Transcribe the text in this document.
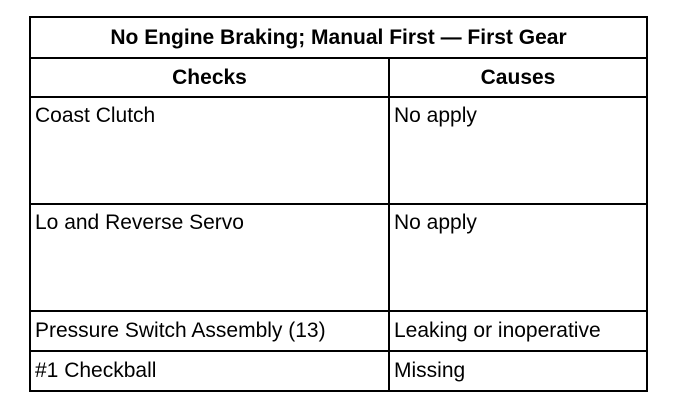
No Engine Braking; Manual First — First Gear	
Checks	Causes
Coast Clutch	No apply
Lo and Reverse Servo	No apply
Pressure Switch Assembly (13)	Leaking or inoperative
#1 Checkball	Missing
